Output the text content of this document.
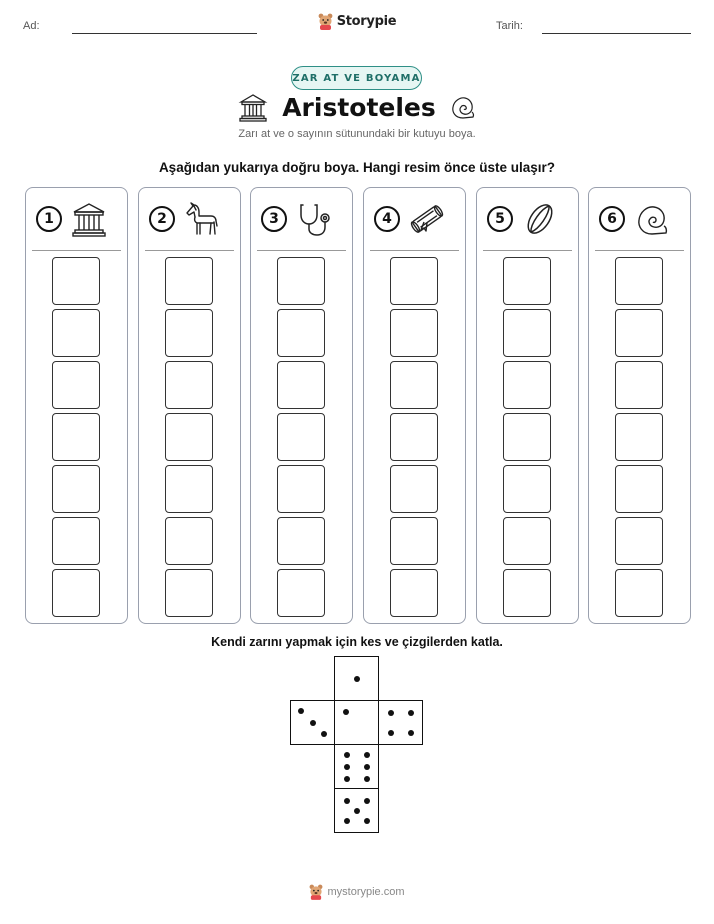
Ad:	Storypie	Tarih:
ZAR AT VE BOYAMA
Aristoteles
Zarı at ve o sayının sütunundaki bir kutuyu boya.
Aşağıdan yukarıya doğru boya. Hangi resim önce üste ulaşır?
1	2	3	4	5	6
Kendi zarını yapmak için kes ve çizgilerden katla.
mystorypie.com
